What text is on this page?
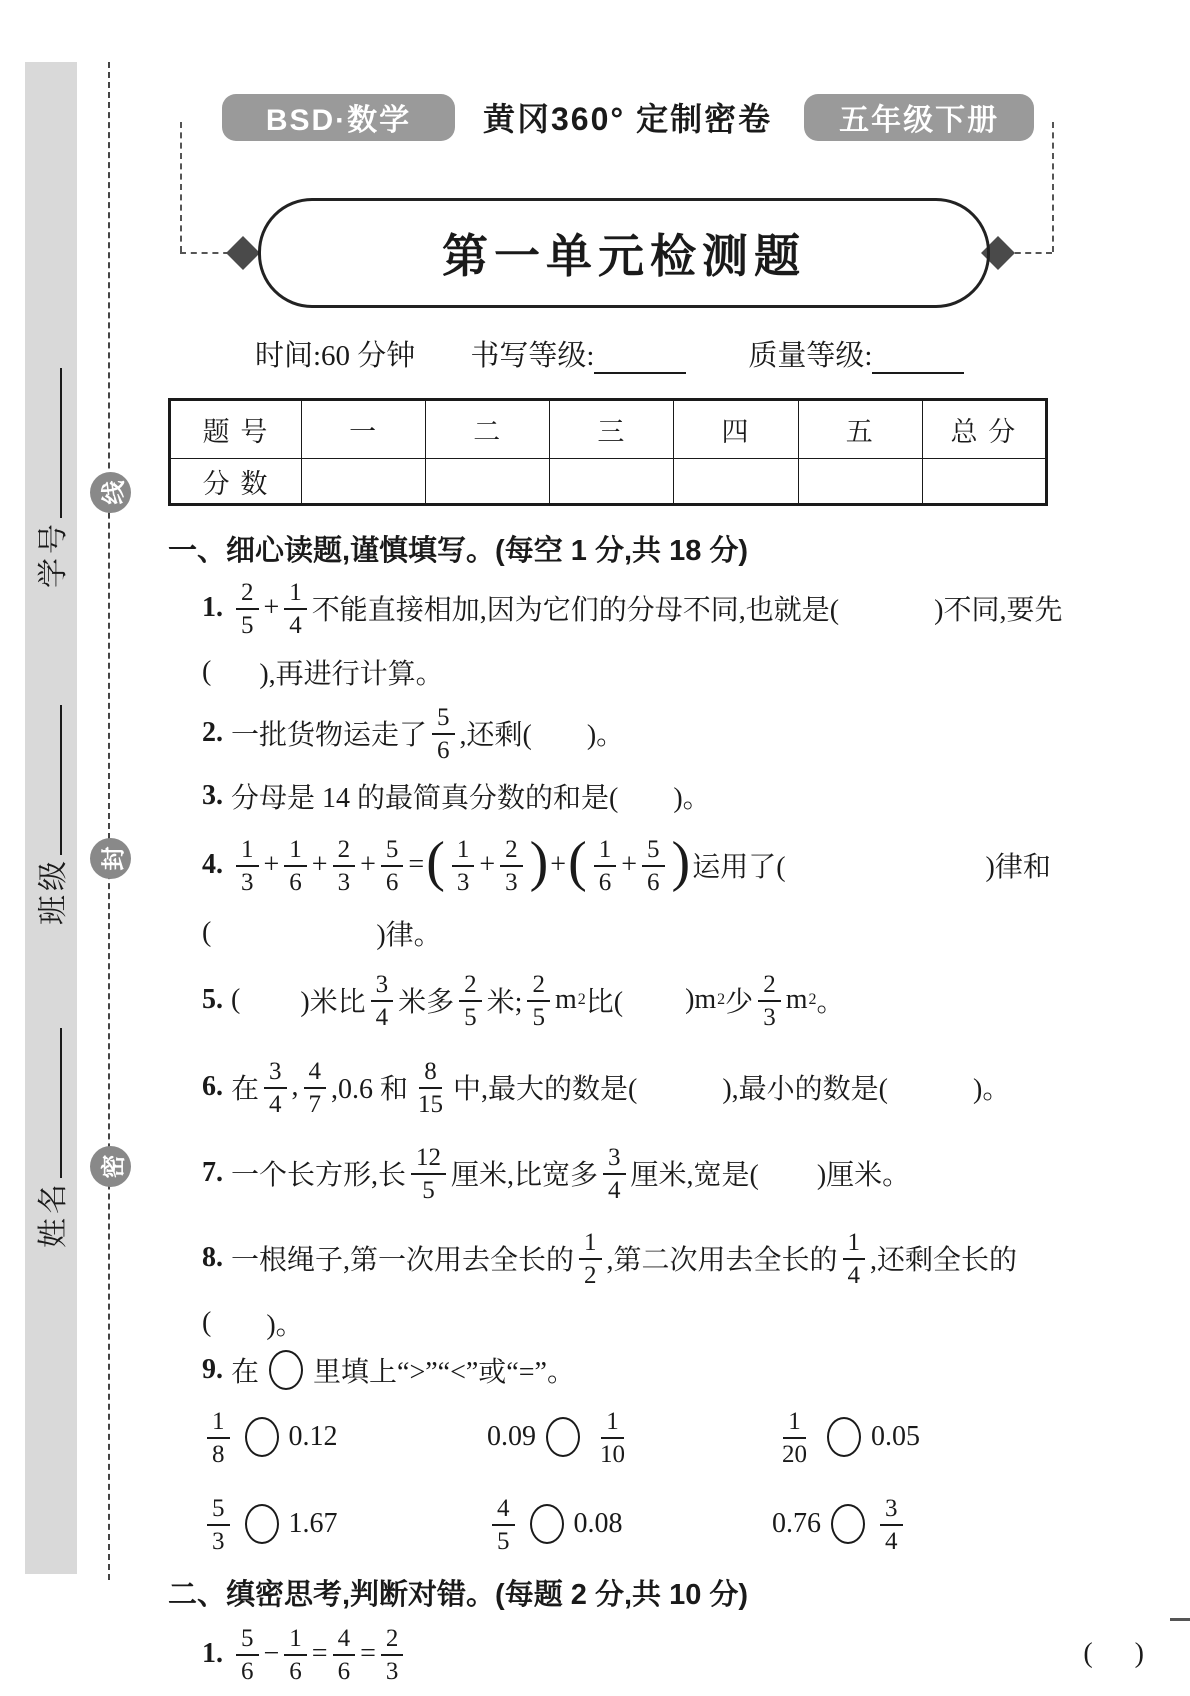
学号
班级
姓名
线
封
密
BSD·数学	黄冈360° 定制密卷	五年级下册
第一单元检测题
时间:60 分钟 书写等级:	质量等级:
题 号	一	二	三	四	五	总 分
分 数						
一、细心读题,谨慎填写。(每空 1 分,共 18 分)
1. $\frac{2}{5} + \frac{1}{4}$ 不能直接相加,因为它们的分母不同,也就是(	)不同,要先
( ),再进行计算。
2. 一批货物运走了 $\frac{5}{6}$ ,还剩( )。
3. 分母是 14 的最简真分数的和是( )。
4. $\frac{1}{3} + \frac{1}{6} + \frac{2}{3} + \frac{5}{6}$ = ( $\frac{1}{3} + \frac{2}{3}$ ) + ( $\frac{1}{6} + \frac{5}{6}$ ) 运用了(	)律和
(	)律。
5. ( )米比 $\frac{3}{4}$ 米多 $\frac{2}{5}$ 米; $\frac{2}{5}$ m 2 比( )m 2 少 $\frac{2}{3}$ m 2 。
6. 在 $\frac{3}{4}$ , $\frac{4}{7} ,0.6$ 和 $\frac{8}{15}$ 中,最大的数是(	),最小的数是(	)。
7. 一个长方形,长 $\frac{12}{5}$ 厘米,比宽多 $\frac{3}{4}$ 厘米,宽是( )厘米。
8. 一根绳子,第一次用去全长的 $\frac{1}{2}$ ,第二次用去全长的 $\frac{1}{4}$ ,还剩全长的
( )。
9. 在 里填上“>”“<”或“=”。
$\frac{1}{8} 0.12$	$0.09 \frac{1}{10}$	$\frac{1}{20} 0.05$
$\frac{5}{3} 1.67$	$\frac{4}{5} 0.08$	$0.76 \frac{3}{4}$
二、缜密思考,判断对错。(每题 2 分,共 10 分)
1. $\frac{5}{6} - \frac{1}{6} = \frac{4}{6} = \frac{2}{3}$	( )
